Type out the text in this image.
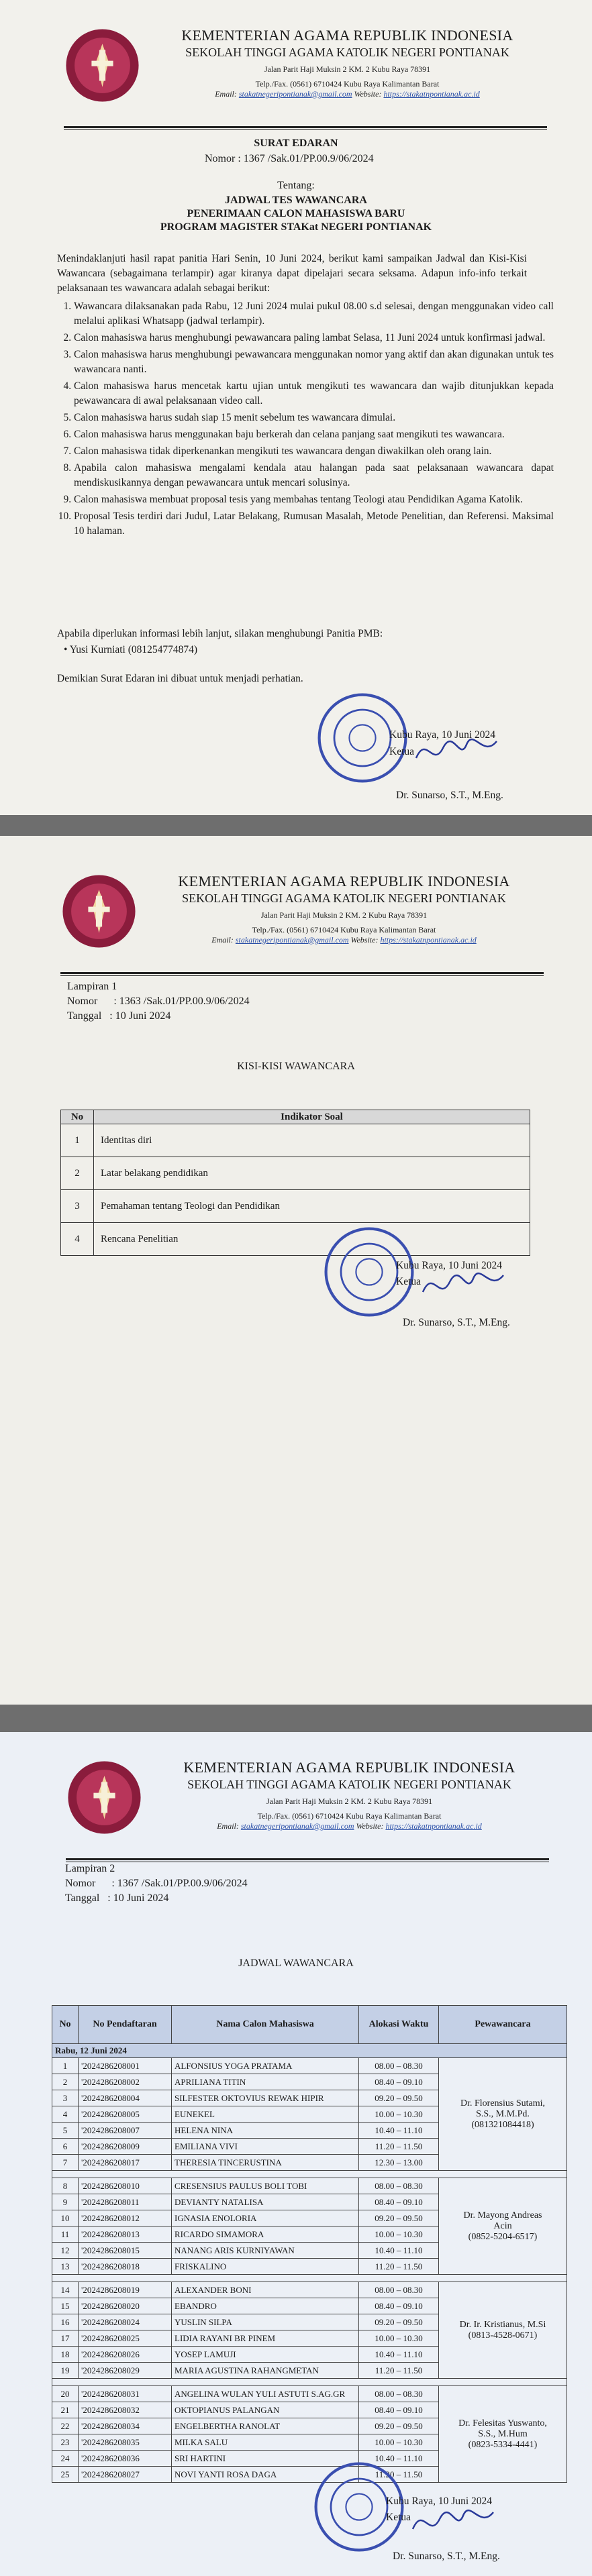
KEMENTERIAN AGAMA REPUBLIK INDONESIA
SEKOLAH TINGGI AGAMA KATOLIK NEGERI PONTIANAK
Jalan Parit Haji Muksin 2 KM. 2 Kubu Raya 78391
Telp./Fax. (0561) 6710424 Kubu Raya Kalimantan Barat
Email: stakatnegeripontianak@gmail.com Website: https://stakatnpontianak.ac.id
SURAT EDARAN
Nomor : 1367 /Sak.01/PP.00.9/06/2024
Tentang:
JADWAL TES WAWANCARA
PENERIMAAN CALON MAHASISWA BARU
PROGRAM MAGISTER STAKat NEGERI PONTIANAK
Menindaklanjuti hasil rapat panitia Hari Senin, 10 Juni 2024, berikut kami sampaikan Jadwal dan Kisi-Kisi Wawancara (sebagaimana terlampir) agar kiranya dapat dipelajari secara seksama. Adapun info-info terkait pelaksanaan tes wawancara adalah sebagai berikut:
1. Wawancara dilaksanakan pada Rabu, 12 Juni 2024 mulai pukul 08.00 s.d selesai, dengan menggunakan video call melalui aplikasi Whatsapp (jadwal terlampir).
2. Calon mahasiswa harus menghubungi pewawancara paling lambat Selasa, 11 Juni 2024 untuk konfirmasi jadwal.
3. Calon mahasiswa harus menghubungi pewawancara menggunakan nomor yang aktif dan akan digunakan untuk tes wawancara nanti.
4. Calon mahasiswa harus mencetak kartu ujian untuk mengikuti tes wawancara dan wajib ditunjukkan kepada pewawancara di awal pelaksanaan video call.
5. Calon mahasiswa harus sudah siap 15 menit sebelum tes wawancara dimulai.
6. Calon mahasiswa harus menggunakan baju berkerah dan celana panjang saat mengikuti tes wawancara.
7. Calon mahasiswa tidak diperkenankan mengikuti tes wawancara dengan diwakilkan oleh orang lain.
8. Apabila calon mahasiswa mengalami kendala atau halangan pada saat pelaksanaan wawancara dapat mendiskusikannya dengan pewawancara untuk mencari solusinya.
9. Calon mahasiswa membuat proposal tesis yang membahas tentang Teologi atau Pendidikan Agama Katolik.
10. Proposal Tesis terdiri dari Judul, Latar Belakang, Rumusan Masalah, Metode Penelitian, dan Referensi. Maksimal 10 halaman.
Apabila diperlukan informasi lebih lanjut, silakan menghubungi Panitia PMB:
• Yusi Kurniati (081254774874)
Demikian Surat Edaran ini dibuat untuk menjadi perhatian.
Kubu Raya, 10 Juni 2024
Ketua
Dr. Sunarso, S.T., M.Eng.
KEMENTERIAN AGAMA REPUBLIK INDONESIA
SEKOLAH TINGGI AGAMA KATOLIK NEGERI PONTIANAK
Jalan Parit Haji Muksin 2 KM. 2 Kubu Raya 78391
Telp./Fax. (0561) 6710424 Kubu Raya Kalimantan Barat
Email: stakatnegeripontianak@gmail.com Website: https://stakatnpontianak.ac.id
Lampiran 1
Nomor      : 1363 /Sak.01/PP.00.9/06/2024
Tanggal   : 10 Juni 2024
KISI-KISI WAWANCARA
No	Indikator Soal
1	Identitas diri
2	Latar belakang pendidikan
3	Pemahaman tentang Teologi dan Pendidikan
4	Rencana Penelitian
Kubu Raya, 10 Juni 2024
Ketua
Dr. Sunarso, S.T., M.Eng.
KEMENTERIAN AGAMA REPUBLIK INDONESIA
SEKOLAH TINGGI AGAMA KATOLIK NEGERI PONTIANAK
Jalan Parit Haji Muksin 2 KM. 2 Kubu Raya 78391
Telp./Fax. (0561) 6710424 Kubu Raya Kalimantan Barat
Email: stakatnegeripontianak@gmail.com Website: https://stakatnpontianak.ac.id
Lampiran 2
Nomor      : 1367 /Sak.01/PP.00.9/06/2024
Tanggal   : 10 Juni 2024
JADWAL WAWANCARA
No	No Pendaftaran	Nama Calon Mahasiswa	Alokasi Waktu	Pewawancara
Rabu, 12 Juni 2024				
1	'2024286208001	ALFONSIUS YOGA PRATAMA	08.00 – 08.30	Dr. Florensius Sutami,
S.S., M.M.Pd.
(081321084418)

2	'2024286208002	APRILIANA TITIN	08.40 – 09.10	
3	'2024286208004	SILFESTER OKTOVIUS REWAK HIPIR	09.20 – 09.50	
4	'2024286208005	EUNEKEL	10.00 – 10.30	
5	'2024286208007	HELENA NINA	10.40 – 11.10	
6	'2024286208009	EMILIANA VIVI	11.20 – 11.50	
7	'2024286208017	THERESIA TINCERUSTINA	12.30 – 13.00	

8	'2024286208010	CRESENSIUS PAULUS BOLI TOBI	08.00 – 08.30	Dr. Mayong Andreas
Acin
(0852-5204-6517)

9	'2024286208011	DEVIANTY NATALISA	08.40 – 09.10	
10	'2024286208012	IGNASIA ENOLORIA	09.20 – 09.50	
11	'2024286208013	RICARDO SIMAMORA	10.00 – 10.30	
12	'2024286208015	NANANG ARIS KURNIYAWAN	10.40 – 11.10	
13	'2024286208018	FRISKALINO	11.20 – 11.50	

14	'2024286208019	ALEXANDER BONI	08.00 – 08.30	Dr. Ir. Kristianus, M.Si
(0813-4528-0671)

15	'2024286208020	EBANDRO	08.40 – 09.10	
16	'2024286208024	YUSLIN SILPA	09.20 – 09.50	
17	'2024286208025	LIDIA RAYANI BR PINEM	10.00 – 10.30	
18	'2024286208026	YOSEP LAMUJI	10.40 – 11.10	
19	'2024286208029	MARIA AGUSTINA RAHANGMETAN	11.20 – 11.50	

20	'2024286208031	ANGELINA WULAN YULI ASTUTI S.AG.GR	08.00 – 08.30	Dr. Felesitas Yuswanto,
S.S., M.Hum
(0823-5334-4441)

21	'2024286208032	OKTOPIANUS PALANGAN	08.40 – 09.10	
22	'2024286208034	ENGELBERTHA RANOLAT	09.20 – 09.50	
23	'2024286208035	MILKA SALU	10.00 – 10.30	
24	'2024286208036	SRI HARTINI	10.40 – 11.10	
25	'2024286208027	NOVI YANTI ROSA DAGA	11.20 – 11.50	
Kubu Raya, 10 Juni 2024
Ketua
Dr. Sunarso, S.T., M.Eng.
